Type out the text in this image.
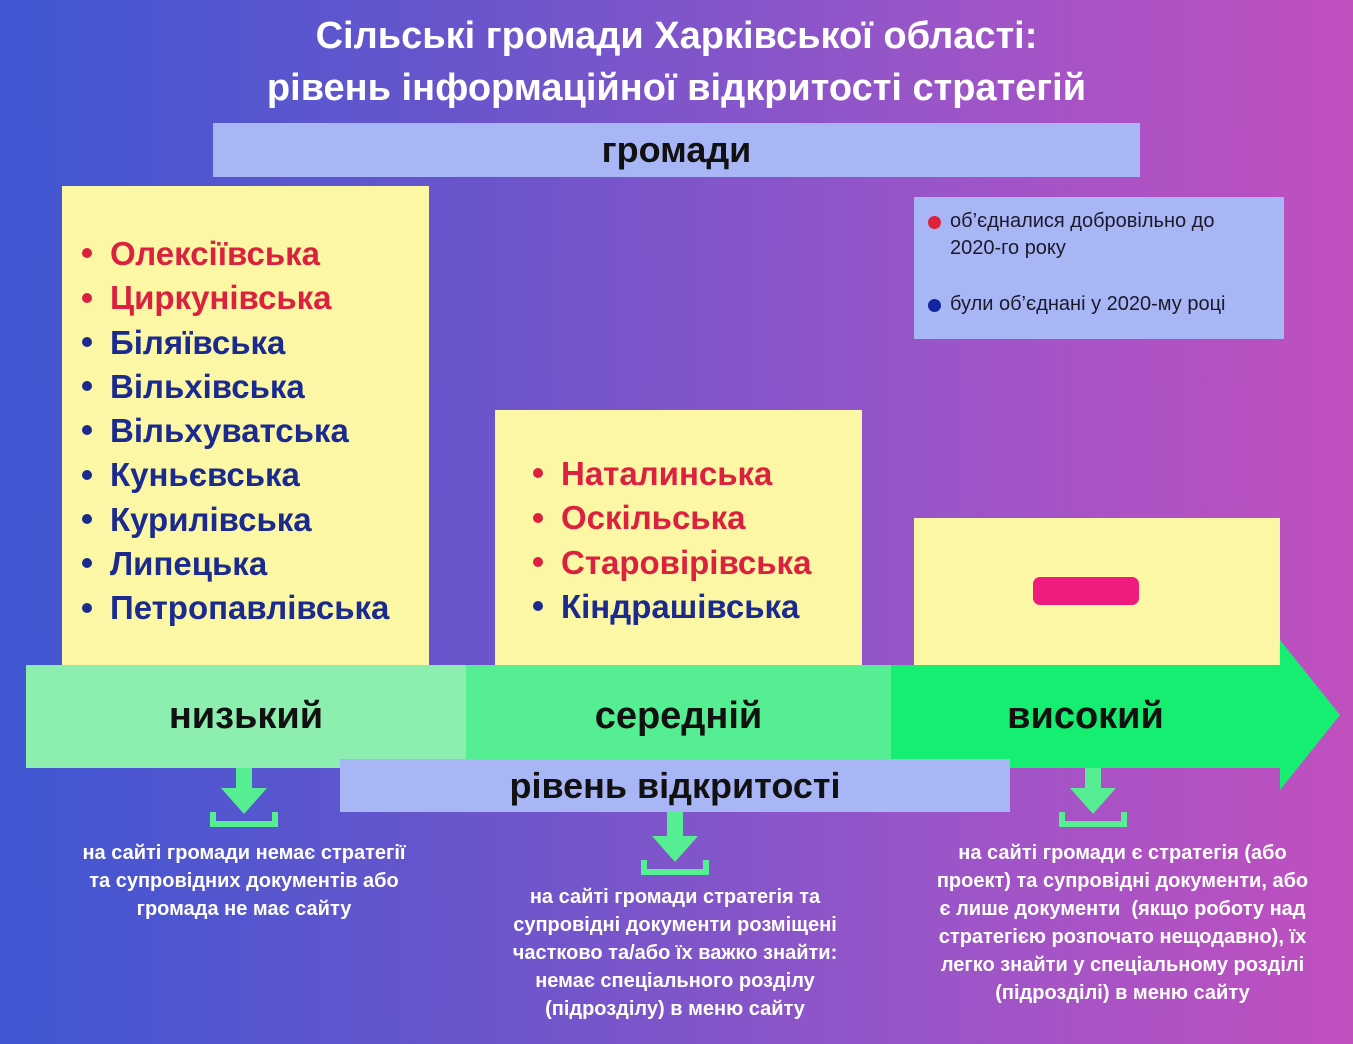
Сільські громади Харківської області:
рівень інформаційної відкритості стратегій
громади
об’єдналися добровільно до
2020-го року
були об’єднані у 2020-му році
Олексіївська
Циркунівська
Біляївська
Вільхівська
Вільхуватська
Куньєвська
Курилівська
Липецька
Петропавлівська
Наталинська
Оскільська
Старовірівська
Кіндрашівська
низький	середній	високий
рівень відкритості
на сайті громади немає стратегії
та супровідних документів або
громада не має сайту
на сайті громади стратегія та
супровідні документи розміщені
частково та/або їх важко знайти:
немає спеціального розділу
(підрозділу) в меню сайту
на сайті громади є стратегія (або
проект) та супровідні документи, або
є лише документи  (якщо роботу над
стратегією розпочато нещодавно), їх
легко знайти у спеціальному розділі
(підрозділі) в меню сайту
